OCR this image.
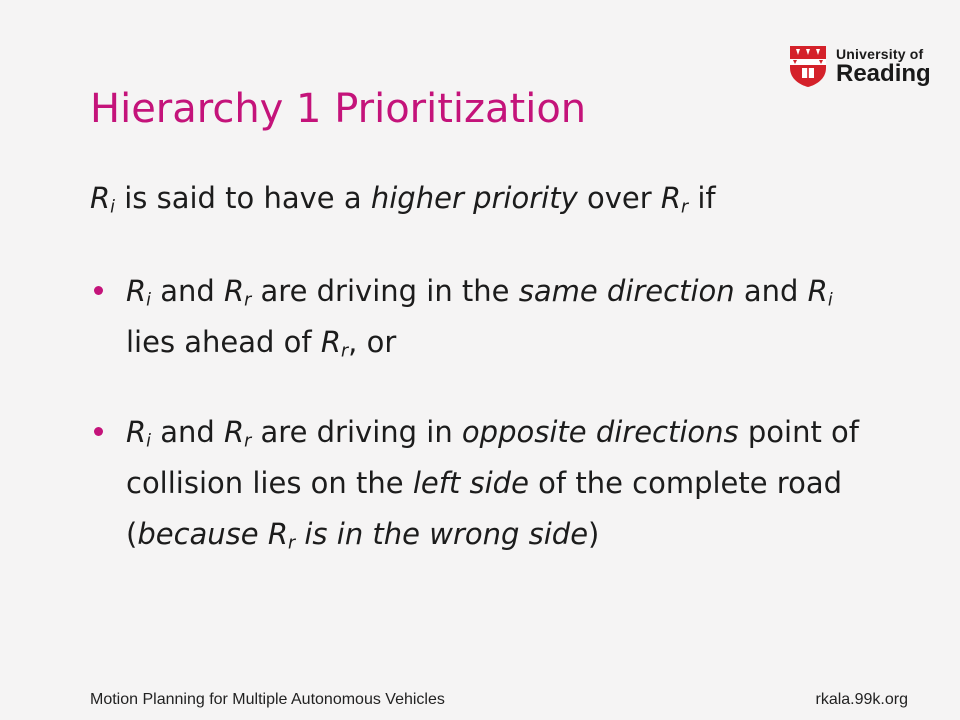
University of
Reading
Hierarchy 1 Prioritization

$R_i$ is said to have a higher priority over $R_r$ if

$R_i$ and $R_r$ are driving in the same direction and $R_i$
lies ahead of $R_r$, or
$R_i$ and $R_r$ are driving in opposite directions point of collision lies on the left side of the complete road (because $R_r$ is in the wrong side)
Motion Planning for Multiple Autonomous Vehicles	rkala.99k.org
